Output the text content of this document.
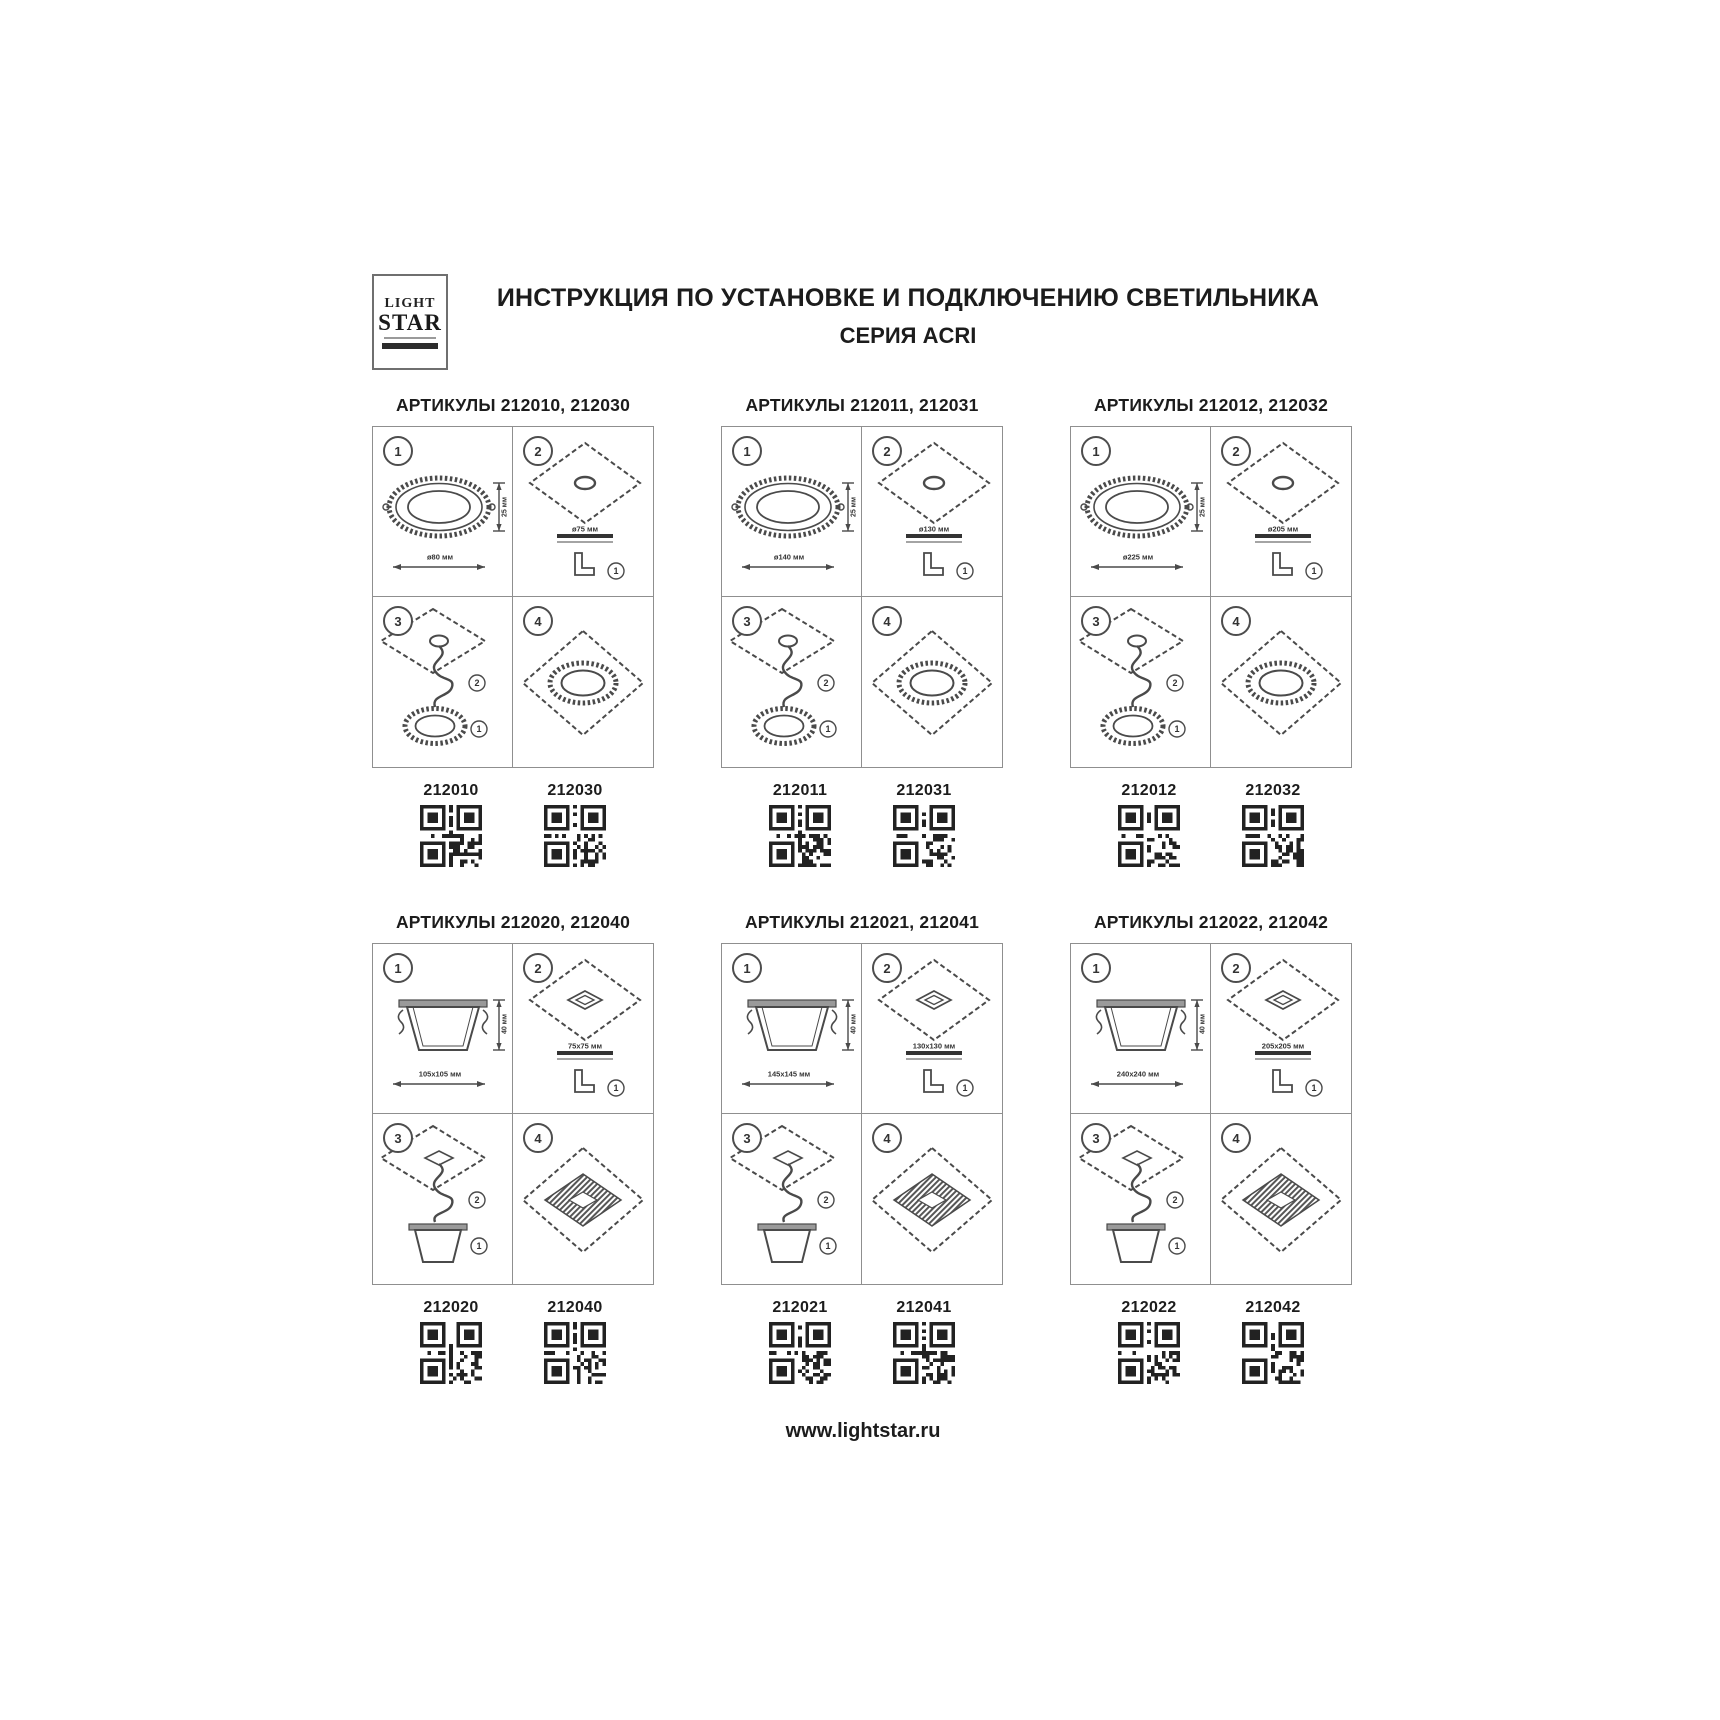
LIGHT
STAR
ИНСТРУКЦИЯ ПО УСТАНОВКЕ И ПОДКЛЮЧЕНИЮ СВЕТИЛЬНИКА
СЕРИЯ ACRI
АРТИКУЛЫ 212010, 212030
1
ø80 мм
25 мм
2
ø75 мм
1
3
2
1
4
212010	212030
АРТИКУЛЫ 212011, 212031
1
ø140 мм
25 мм
2
ø130 мм
1
3
2
1
4
212011	212031
АРТИКУЛЫ 212012, 212032
1
ø225 мм
25 мм
2
ø205 мм
1
3
2
1
4
212012	212032
АРТИКУЛЫ 212020, 212040
1
105x105 мм
40 мм
2
75x75 мм
1
3
2
1
4
212020	212040
АРТИКУЛЫ 212021, 212041
1
145x145 мм
40 мм
2
130x130 мм
1
3
2
1
4
212021	212041
АРТИКУЛЫ 212022, 212042
1
240x240 мм
40 мм
2
205x205 мм
1
3
2
1
4
212022	212042
www.lightstar.ru
